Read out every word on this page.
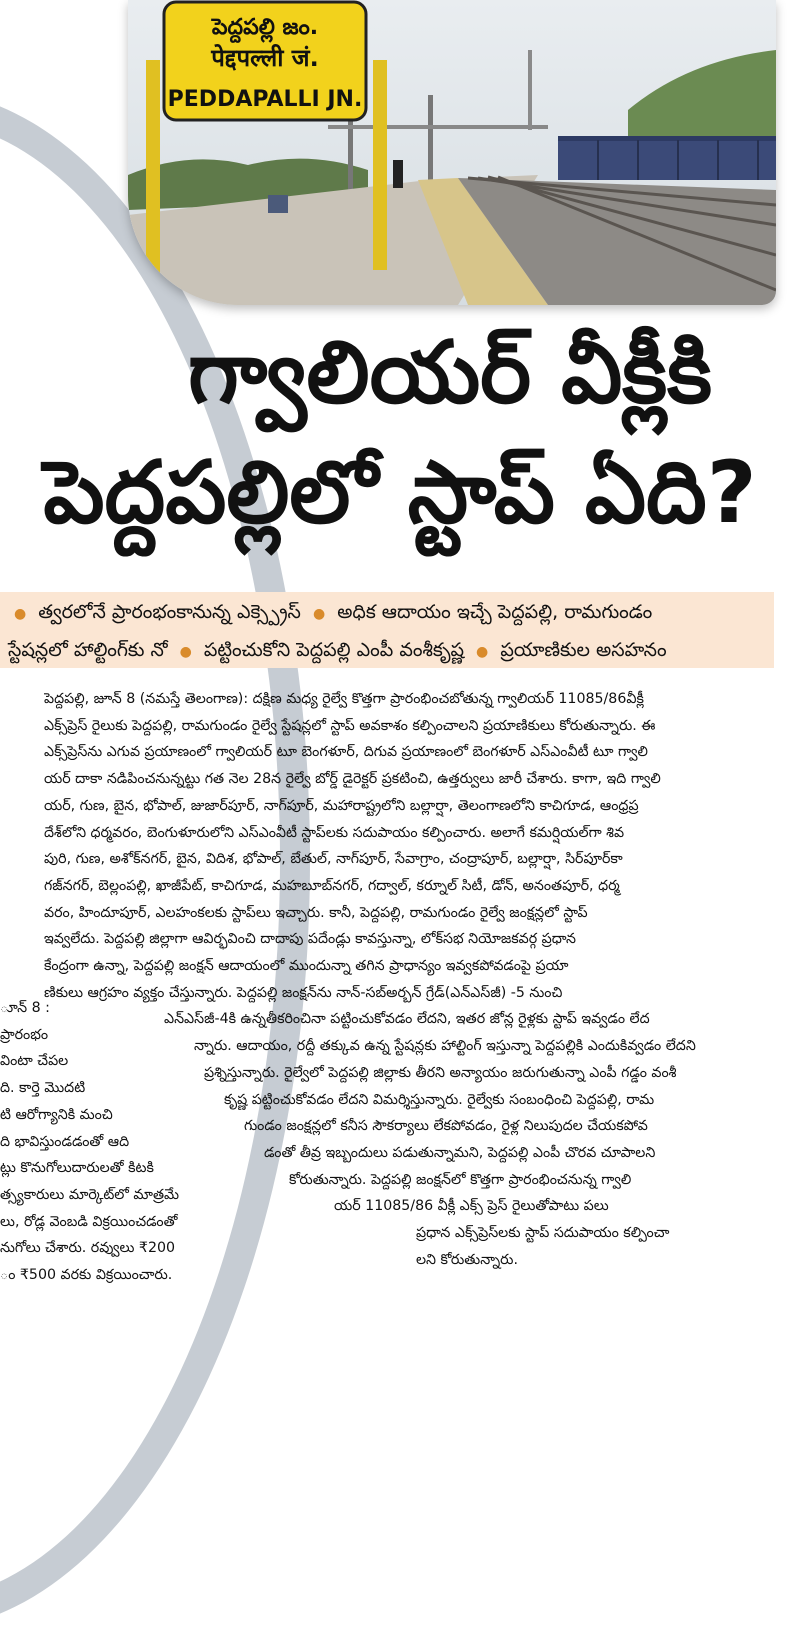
పెద్దపల్లి జం.
पेद्दपल्ली जं.
PEDDAPALLI JN.
గ్వాలియర్ వీక్లీకి
పెద్దపల్లిలో స్టాప్ ఏది?
● త్వరలోనే ప్రారంభంకానున్న ఎక్స్ప్రెస్ ● అధిక ఆదాయం ఇచ్చే పెద్దపల్లి, రామగుండం
స్టేషన్లలో హాల్టింగ్‌కు నో ● పట్టించుకోని పెద్దపల్లి ఎంపీ వంశీకృష్ణ ● ప్రయాణికుల అసహనం
పెద్దపల్లి, జూన్ 8 (నమస్తే తెలంగాణ): దక్షిణ మధ్య రైల్వే కొత్తగా ప్రారంభించబోతున్న గ్వాలియర్ 11085/86వీక్లీ
ఎక్స్‌ప్రెస్ రైలుకు పెద్దపల్లి, రామగుండం రైల్వే స్టేషన్లలో స్టాప్ అవకాశం కల్పించాలని ప్రయాణికులు కోరుతున్నారు. ఈ
ఎక్స్‌ప్రెస్‌ను ఎగువ ప్రయాణంలో గ్వాలియర్ టూ బెంగళూర్, దిగువ ప్రయాణంలో బెంగళూర్ ఎస్ఎంవీటీ టూ గ్వాలి
యర్ దాకా నడిపించనున్నట్టు గత నెల 28న రైల్వే బోర్డ్ డైరెక్టర్ ప్రకటించి, ఉత్తర్వులు జారీ చేశారు. కాగా, ఇది గ్వాలి
యర్, గుణ, బైన, భోపాల్, జుజార్‌పూర్, నాగ్‌పూర్, మహారాష్ట్రలోని బల్లార్షా, తెలంగాణలోని కాచిగూడ, ఆంధ్రప్ర
దేశ్‌లోని ధర్మవరం, బెంగుళూరులోని ఎస్ఎంవీటీ స్టాప్‌లకు సదుపాయం కల్పించారు. అలాగే కమర్షియల్‌గా శివ
పురి, గుణ, అశోక్‌నగర్, బైన, విదిశ, భోపాల్, బేతుల్, నాగ్‌పూర్, సేవాగ్రాం, చంద్రాపూర్, బల్లార్షా, సిర్‌పూర్‌కా
గజ్‌నగర్, బెల్లంపల్లి, ఖాజీపేట్, కాచిగూడ, మహబూబ్‌నగర్, గద్వాల్, కర్నూల్ సిటీ, డోన్, అనంతపూర్, ధర్మ
వరం, హిందూపూర్, ఎలహంకలకు స్టాప్‌లు ఇచ్చారు. కానీ, పెద్దపల్లి, రామగుండం రైల్వే జంక్షన్లలో స్టాప్
ఇవ్వలేదు. పెద్దపల్లి జిల్లాగా ఆవిర్భవించి దాదాపు పదేండ్లు కావస్తున్నా, లోక్‌సభ నియోజకవర్గ ప్రధాన
కేంద్రంగా ఉన్నా, పెద్దపల్లి జంక్షన్ ఆదాయంలో ముందున్నా తగిన ప్రాధాన్యం ఇవ్వకపోవడంపై ప్రయా
ణికులు ఆగ్రహం వ్యక్తం చేస్తున్నారు. పెద్దపల్లి జంక్షన్‌ను నాన్-సబ్‌అర్బన్ గ్రేడ్(ఎన్ఎస్‌జీ) -5 నుంచి
ఎన్ఎస్‌జీ-4కి ఉన్నతీకరించినా పట్టించుకోవడం లేదని, ఇతర జోన్ల రైళ్లకు స్టాప్ ఇవ్వడం లేద
న్నారు. ఆదాయం, రద్దీ తక్కువ ఉన్న స్టేషన్లకు హాల్టింగ్ ఇస్తున్నా పెద్దపల్లికి ఎందుకివ్వడం లేదని
ప్రశ్నిస్తున్నారు. రైల్వేలో పెద్దపల్లి జిల్లాకు తీరని అన్యాయం జరుగుతున్నా ఎంపీ గడ్డం వంశీ
కృష్ణ పట్టించుకోవడం లేదని విమర్శిస్తున్నారు. రైల్వేకు సంబంధించి పెద్దపల్లి, రామ
గుండం జంక్షన్లలో కనీస సౌకర్యాలు లేకపోవడం, రైళ్ల నిలుపుదల చేయకపోవ
డంతో తీవ్ర ఇబ్బందులు పడుతున్నామని, పెద్దపల్లి ఎంపీ చొరవ చూపాలని
కోరుతున్నారు. పెద్దపల్లి జంక్షన్‌లో కొత్తగా ప్రారంభించనున్న గ్వాలి
యర్ 11085/86 వీక్లీ ఎక్స్ ప్రెస్ రైలుతోపాటు పలు
ప్రధాన ఎక్స్‌ప్రెస్‌లకు స్టాప్ సదుపాయం కల్పించా
లని కోరుతున్నారు.
ూన్ 8 :
ప్రారంభం
వింటా చేపల
ది. కార్తె మొదటి
టి ఆరోగ్యానికి మంచి
ది భావిస్తుండడంతో ఆది
ట్లు కొనుగోలుదారులతో కిటకి
త్స్యకారులు మార్కెట్‌లో మాత్రమే
లు, రోడ్ల వెంబడి విక్రయించడంతో
నుగోలు చేశారు. రవ్వులు ₹200
ం ₹500 వరకు విక్రయించారు.
